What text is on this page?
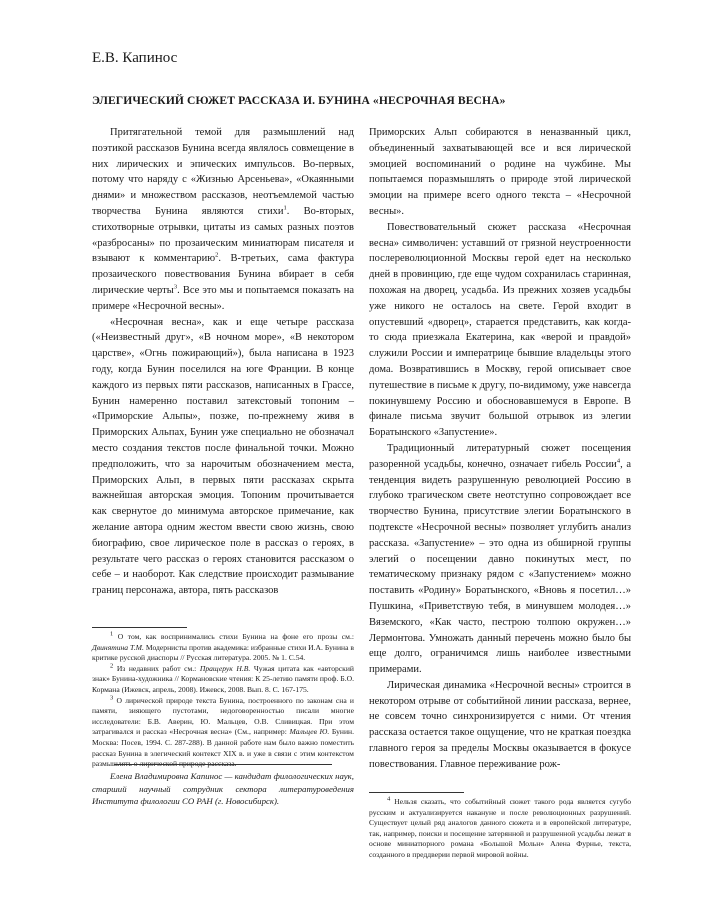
Е.В. Капинос
ЭЛЕГИЧЕСКИЙ СЮЖЕТ РАССКАЗА И. БУНИНА «НЕСРОЧНАЯ ВЕСНА»

Притягательной темой для размышлений над поэтикой рассказов Бунина всегда являлось совмещение в них лирических и эпических импульсов. Во-первых, потому что наряду с «Жизнью Арсеньева», «Окаянными днями» и множеством рассказов, неотъемлемой частью творчества Бунина являются стихи$^1$. Во-вторых, стихотворные отрывки, цитаты из самых разных поэтов «разбросаны» по прозаическим миниатюрам писателя и взывают к комментарию$^2$. В-третьих, сама фактура прозаического повествования Бунина вбирает в себя лирические черты$^3$. Все это мы и попытаемся показать на примере «Несрочной весны».

«Несрочная весна», как и еще четыре рассказа («Неизвестный друг», «В ночном море», «В некотором царстве», «Огнь пожирающий»), была написана в 1923 году, когда Бунин поселился на юге Франции. В конце каждого из первых пяти рассказов, написанных в Грассе, Бунин намеренно поставил затекстовый топоним – «Приморские Альпы», позже, по-прежнему живя в Приморских Альпах, Бунин уже специально не обозначал место создания текстов после финальной точки. Можно предположить, что за нарочитым обозначением места, Приморских Альп, в первых пяти рассказах скрыта важнейшая авторская эмоция. Топоним прочитывается как свернутое до минимума авторское примечание, как желание автора одним жестом ввести свою жизнь, свою биографию, свое лирическое поле в рассказ о героях, в результате чего рассказ о героях становится рассказом о себе – и наоборот. Как следствие происходит размывание границ персонажа, автора, пять рассказов

$^1$ О том, как воспринимались стихи Бунина на фоне его прозы см.: Двинятина Т.М. Модернисты против академика: избранные стихи И.А. Бунина в критике русской диаспоры // Русская литература. 2005. № 1. С.54.

$^2$ Из недавних работ см.: Пращерук Н.В. Чужая цитата как «авторский знак» Бунина-художника // Кормановские чтения: К 25-летию памяти проф. Б.О. Кормана (Ижевск, апрель, 2008). Ижевск, 2008. Вып. 8. С. 167-175.

$^3$ О лирической природе текста Бунина, построенного по законам сна и памяти, зияющего пустотами, недоговоренностью писали многие исследователи: Б.В. Аверин, Ю. Мальцев, О.В. Сливицкая. При этом затрагивался и рассказ «Несрочная весна» (См., например: Мальцев Ю. Бунин. Москва: Посев, 1994. С. 287-288). В данной работе нам было важно поместить рассказ Бунина в элегический контекст XIX в. и уже в связи с этим контекстом размышлять о лирической природе рассказа.

Елена Владимировна Капинос — кандидат филологических наук, старший научный сотрудник сектора литературоведения Института филологии СО РАН (г. Новосибирск).

Приморских Альп собираются в неназванный цикл, объединенный захватывающей все и вся лирической эмоцией воспоминаний о родине на чужбине. Мы попытаемся поразмышлять о природе этой лирической эмоции на примере всего одного текста – «Несрочной весны».

Повествовательный сюжет рассказа «Несрочная весна» символичен: уставший от грязной неустроенности послереволюционной Москвы герой едет на несколько дней в провинцию, где еще чудом сохранилась старинная, похожая на дворец, усадьба. Из прежних хозяев усадьбы уже никого не осталось на свете. Герой входит в опустевший «дворец», старается представить, как когда-то сюда приезжала Екатерина, как «верой и правдой» служили России и императрице бывшие владельцы этого дома. Возвратившись в Москву, герой описывает свое путешествие в письме к другу, по-видимому, уже навсегда покинувшему Россию и обосновавшемуся в Европе. В финале письма звучит большой отрывок из элегии Боратынского «Запустение».

Традиционный литературный сюжет посещения разоренной усадьбы, конечно, означает гибель России$^4$, а тенденция видеть разрушенную революцией Россию в глубоко трагическом свете неотступно сопровождает все творчество Бунина, присутствие элегии Боратынского в подтексте «Несрочной весны» позволяет углубить анализ рассказа. «Запустение» – это одна из обширной группы элегий о посещении давно покинутых мест, по тематическому признаку рядом с «Запустением» можно поставить «Родину» Боратынского, «Вновь я посетил…» Пушкина, «Приветствую тебя, в минувшем молодея…» Вяземского, «Как часто, пестрою толпою окружен…» Лермонтова. Умножать данный перечень можно было бы еще долго, ограничимся лишь наиболее известными примерами.

Лирическая динамика «Несрочной весны» строится в некотором отрыве от событийной линии рассказа, вернее, не совсем точно синхронизируется с ними. От чтения рассказа остается такое ощущение, что не краткая поездка главного героя за пределы Москвы оказывается в фокусе повествования. Главное переживание рож-

$^4$ Нельзя сказать, что событийный сюжет такого рода является сугубо русским и актуализируется накануне и после революционных разрушений. Существует целый ряд аналогов данного сюжета и в европейской литературе, так, например, поиски и посещение затерянной и разрушенной усадьбы лежат в основе миниатюрного романа «Большой Мольн» Алена Фурнье, текста, созданного в преддверии первой мировой войны.
